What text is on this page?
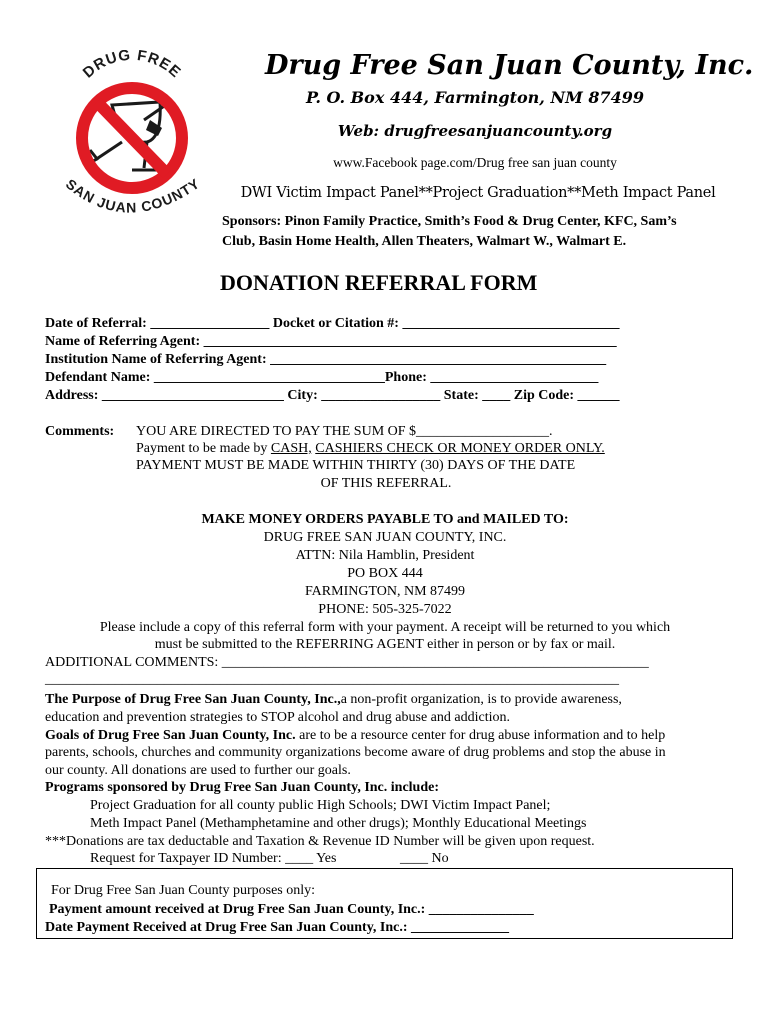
DRUG FREE
SAN JUAN COUNTY
Drug Free San Juan County, Inc.
P. O. Box 444, Farmington, NM 87499
Web: drugfreesanjuancounty.org
www.Facebook page.com/Drug free san juan county
DWI Victim Impact Panel**Project Graduation**Meth Impact Panel
Sponsors: Pinon Family Practice, Smith’s Food & Drug Center, KFC, Sam’s
Club, Basin Home Health, Allen Theaters, Walmart W., Walmart E.
DONATION REFERRAL FORM
Date of Referral: _________________ Docket or Citation #: _______________________________
Name of Referring Agent: ___________________________________________________________
Institution Name of Referring Agent: ________________________________________________
Defendant Name: _________________________________Phone: ________________________
Address: __________________________ City: _________________ State: ____ Zip Code: ______
Comments: YOU ARE DIRECTED TO PAY THE SUM OF $___________________.
Payment to be made by CASH, CASHIERS CHECK OR MONEY ORDER ONLY.
PAYMENT MUST BE MADE WITHIN THIRTY (30) DAYS OF THE DATE
OF THIS REFERRAL.
MAKE MONEY ORDERS PAYABLE TO and MAILED TO:
DRUG FREE SAN JUAN COUNTY, INC.
ATTN: Nila Hamblin, President
PO BOX 444
FARMINGTON, NM 87499
PHONE: 505-325-7022
Please include a copy of this referral form with your payment. A receipt will be returned to you which
must be submitted to the REFERRING AGENT either in person or by fax or mail.
ADDITIONAL COMMENTS: _____________________________________________________________
__________________________________________________________________________________
The Purpose of Drug Free San Juan County, Inc.,a non-profit organization, is to provide awareness,
education and prevention strategies to STOP alcohol and drug abuse and addiction.
Goals of Drug Free San Juan County, Inc. are to be a resource center for drug abuse information and to help
parents, schools, churches and community organizations become aware of drug problems and stop the abuse in
our county. All donations are used to further our goals.
Programs sponsored by Drug Free San Juan County, Inc. include:
Project Graduation for all county public High Schools; DWI Victim Impact Panel;
Meth Impact Panel (Methamphetamine and other drugs); Monthly Educational Meetings
***Donations are tax deductable and Taxation & Revenue ID Number will be given upon request.
Request for Taxpayer ID Number: ____ Yes	____ No
For Drug Free San Juan County purposes only:
Payment amount received at Drug Free San Juan County, Inc.: _______________
Date Payment Received at Drug Free San Juan County, Inc.: ______________
